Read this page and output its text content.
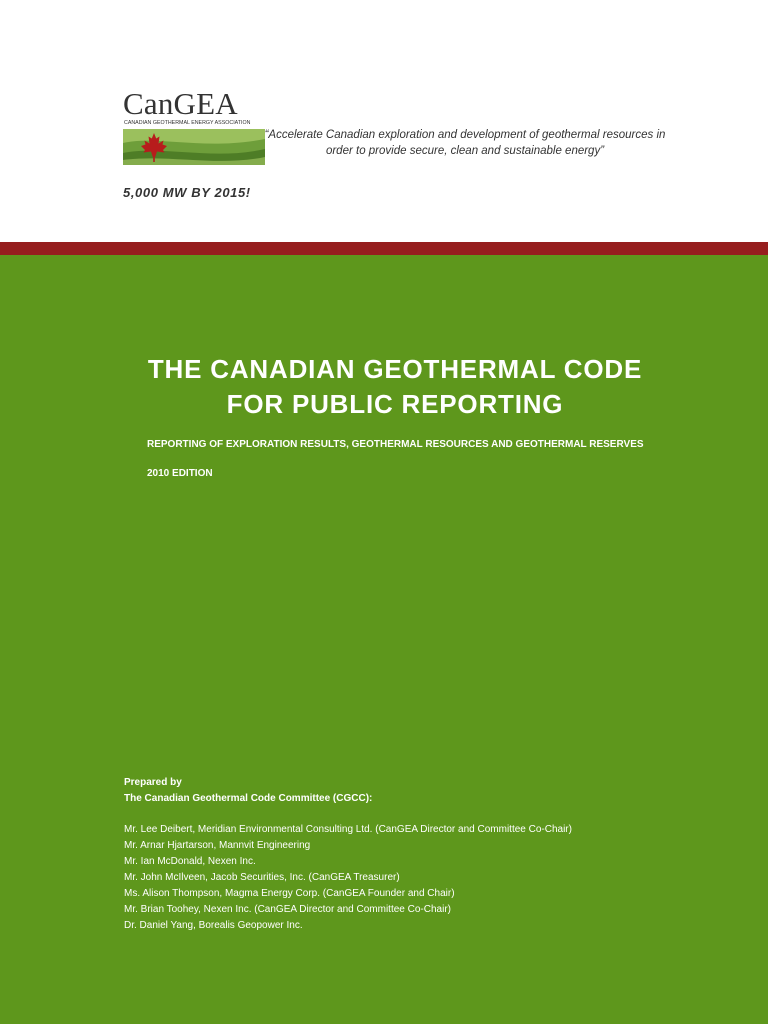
CanGEA
CANADIAN GEOTHERMAL ENERGY ASSOCIATION
“Accelerate Canadian exploration and development of geothermal resources in order to provide secure, clean and sustainable energy”
5,000 MW BY 2015!
THE CANADIAN GEOTHERMAL CODE
FOR PUBLIC REPORTING
REPORTING OF EXPLORATION RESULTS, GEOTHERMAL RESOURCES AND GEOTHERMAL RESERVES
2010 EDITION
Prepared by
The Canadian Geothermal Code Committee (CGCC):
Mr. Lee Deibert, Meridian Environmental Consulting Ltd. (CanGEA Director and Committee Co-Chair)
Mr. Arnar Hjartarson, Mannvit Engineering
Mr. Ian McDonald, Nexen Inc.
Mr. John McIlveen, Jacob Securities, Inc. (CanGEA Treasurer)
Ms. Alison Thompson, Magma Energy Corp. (CanGEA Founder and Chair)
Mr. Brian Toohey, Nexen Inc. (CanGEA Director and Committee Co-Chair)
Dr. Daniel Yang, Borealis Geopower Inc.
